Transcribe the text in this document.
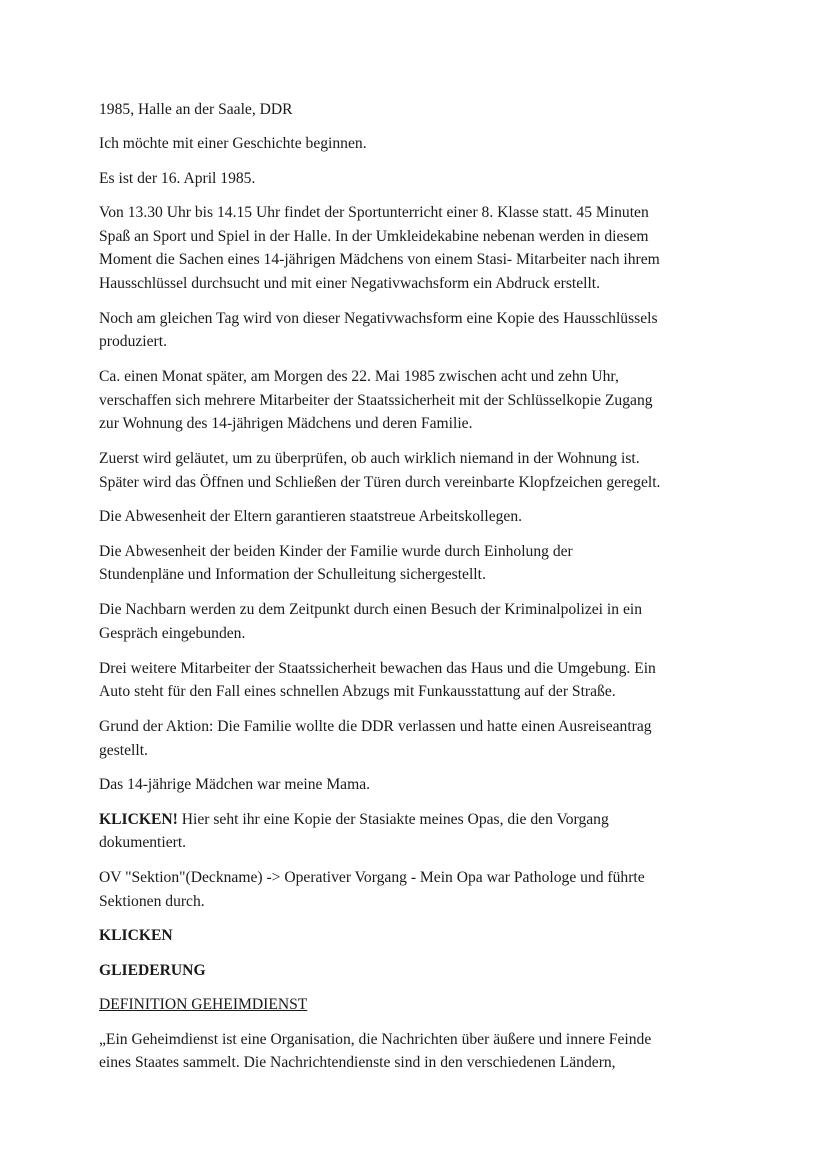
1985, Halle an der Saale, DDR

Ich möchte mit einer Geschichte beginnen.

Es ist der 16. April 1985.

Von 13.30 Uhr bis 14.15 Uhr findet der Sportunterricht einer 8. Klasse statt. 45 Minuten
Spaß an Sport und Spiel in der Halle. In der Umkleidekabine nebenan werden in diesem
Moment die Sachen eines 14-jährigen Mädchens von einem Stasi- Mitarbeiter nach ihrem
Hausschlüssel durchsucht und mit einer Negativwachsform ein Abdruck erstellt.

Noch am gleichen Tag wird von dieser Negativwachsform eine Kopie des Hausschlüssels
produziert.

Ca. einen Monat später, am Morgen des 22. Mai 1985 zwischen acht und zehn Uhr,
verschaffen sich mehrere Mitarbeiter der Staatssicherheit mit der Schlüsselkopie Zugang
zur Wohnung des 14-jährigen Mädchens und deren Familie.

Zuerst wird geläutet, um zu überprüfen, ob auch wirklich niemand in der Wohnung ist.
Später wird das Öffnen und Schließen der Türen durch vereinbarte Klopfzeichen geregelt.

Die Abwesenheit der Eltern garantieren staatstreue Arbeitskollegen.

Die Abwesenheit der beiden Kinder der Familie wurde durch Einholung der
Stundenpläne und Information der Schulleitung sichergestellt.

Die Nachbarn werden zu dem Zeitpunkt durch einen Besuch der Kriminalpolizei in ein
Gespräch eingebunden.

Drei weitere Mitarbeiter der Staatssicherheit bewachen das Haus und die Umgebung. Ein
Auto steht für den Fall eines schnellen Abzugs mit Funkausstattung auf der Straße.

Grund der Aktion: Die Familie wollte die DDR verlassen und hatte einen Ausreiseantrag
gestellt.

Das 14-jährige Mädchen war meine Mama.

KLICKEN! Hier seht ihr eine Kopie der Stasiakte meines Opas, die den Vorgang
dokumentiert.

OV "Sektion"(Deckname) -> Operativer Vorgang - Mein Opa war Pathologe und führte
Sektionen durch.

KLICKEN

GLIEDERUNG

DEFINITION GEHEIMDIENST

„Ein Geheimdienst ist eine Organisation, die Nachrichten über äußere und innere Feinde
eines Staates sammelt. Die Nachrichtendienste sind in den verschiedenen Ländern,
